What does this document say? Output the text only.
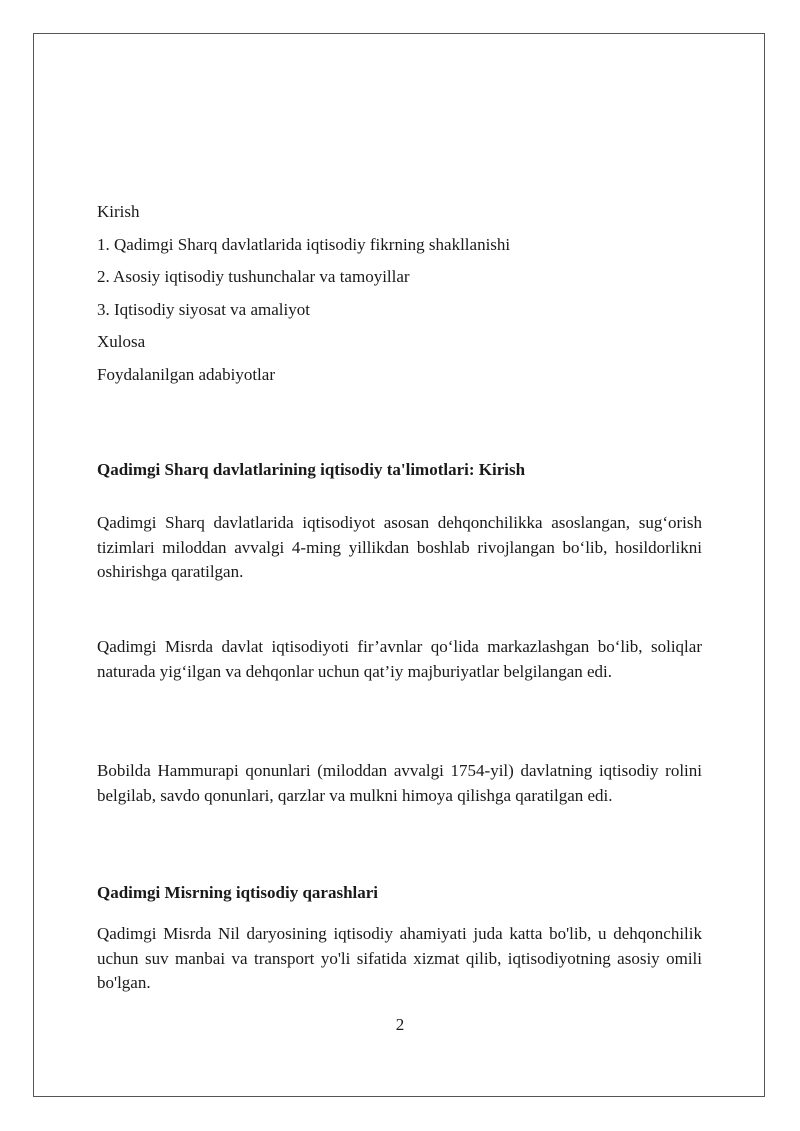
Kirish
1. Qadimgi Sharq davlatlarida iqtisodiy fikrning shakllanishi
2. Asosiy iqtisodiy tushunchalar va tamoyillar
3. Iqtisodiy siyosat va amaliyot
Xulosa
Foydalanilgan adabiyotlar
Qadimgi Sharq davlatlarining iqtisodiy ta'limotlari: Kirish

Qadimgi Sharq davlatlarida iqtisodiyot asosan dehqonchilikka asoslangan, sug‘orish tizimlari miloddan avvalgi 4-ming yillikdan boshlab rivojlangan bo‘lib, hosildorlikni oshirishga qaratilgan.

Qadimgi Misrda davlat iqtisodiyoti fir’avnlar qo‘lida markazlashgan bo‘lib, soliqlar naturada yig‘ilgan va dehqonlar uchun qat’iy majburiyatlar belgilangan edi.

Bobilda Hammurapi qonunlari (miloddan avvalgi 1754-yil) davlatning iqtisodiy rolini belgilab, savdo qonunlari, qarzlar va mulkni himoya qilishga qaratilgan edi.

Qadimgi Misrning iqtisodiy qarashlari

Qadimgi Misrda Nil daryosining iqtisodiy ahamiyati juda katta bo'lib, u dehqonchilik uchun suv manbai va transport yo'li sifatida xizmat qilib, iqtisodiyotning asosiy omili bo'lgan.

2
